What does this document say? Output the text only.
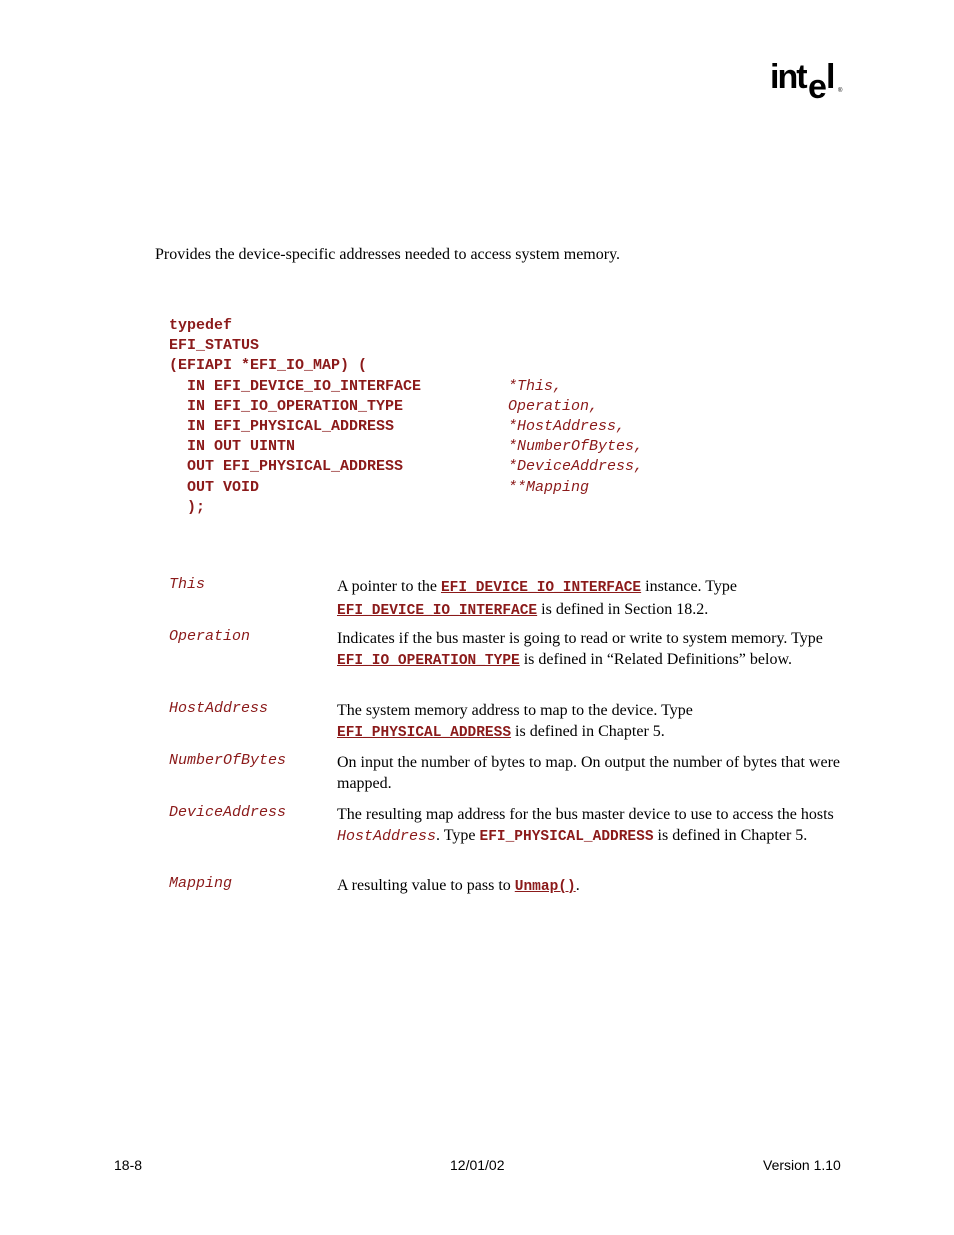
int e l ®
Provides the device-specific addresses needed to access system memory.
typedef
EFI_STATUS
(EFIAPI *EFI_IO_MAP) (
IN EFI_DEVICE_IO_INTERFACE	*This,
IN EFI_IO_OPERATION_TYPE	Operation,
IN EFI_PHYSICAL_ADDRESS	*HostAddress,
IN OUT UINTN	*NumberOfBytes,
OUT EFI_PHYSICAL_ADDRESS	*DeviceAddress,
OUT VOID	**Mapping
);
This	A pointer to the EFI_DEVICE_IO_INTERFACE instance. Type EFI_DEVICE_IO_INTERFACE is defined in Section 18.2.
Operation	Indicates if the bus master is going to read or write to system memory. Type EFI_IO_OPERATION_TYPE is defined in “Related Definitions” below.
HostAddress	The system memory address to map to the device. Type EFI_PHYSICAL_ADDRESS is defined in Chapter 5.
NumberOfBytes	On input the number of bytes to map. On output the number of bytes that were mapped.
DeviceAddress	The resulting map address for the bus master device to use to access the hosts HostAddress. Type EFI_PHYSICAL_ADDRESS is defined in Chapter 5.
Mapping	A resulting value to pass to Unmap().
18-8	12/01/02	Version 1.10
